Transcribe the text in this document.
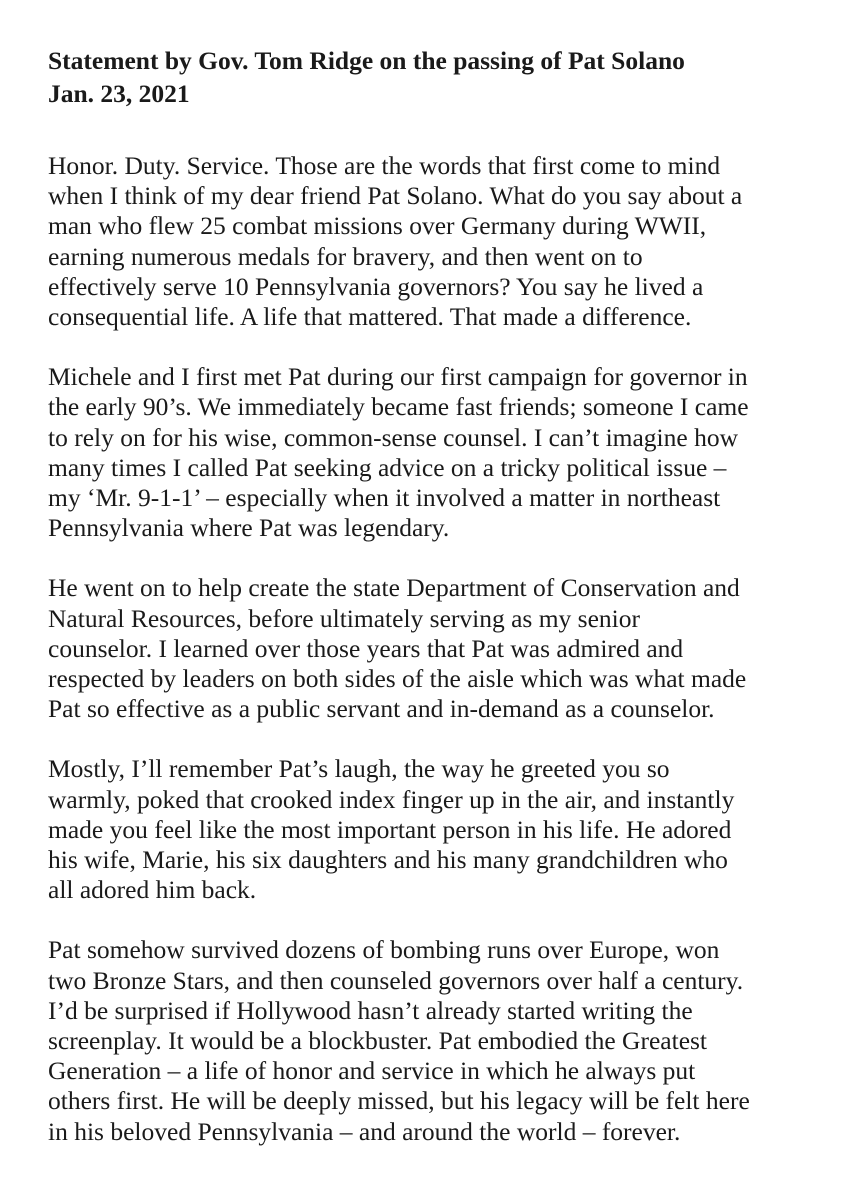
Statement by Gov. Tom Ridge on the passing of Pat Solano
Jan. 23, 2021

Honor. Duty. Service. Those are the words that first come to mind
when I think of my dear friend Pat Solano. What do you say about a
man who flew 25 combat missions over Germany during WWII,
earning numerous medals for bravery, and then went on to
effectively serve 10 Pennsylvania governors? You say he lived a
consequential life. A life that mattered. That made a difference.

Michele and I first met Pat during our first campaign for governor in
the early 90’s. We immediately became fast friends; someone I came
to rely on for his wise, common-sense counsel. I can’t imagine how
many times I called Pat seeking advice on a tricky political issue –
my ‘Mr. 9-1-1’ – especially when it involved a matter in northeast
Pennsylvania where Pat was legendary.

He went on to help create the state Department of Conservation and
Natural Resources, before ultimately serving as my senior
counselor. I learned over those years that Pat was admired and
respected by leaders on both sides of the aisle which was what made
Pat so effective as a public servant and in-demand as a counselor.

Mostly, I’ll remember Pat’s laugh, the way he greeted you so
warmly, poked that crooked index finger up in the air, and instantly
made you feel like the most important person in his life. He adored
his wife, Marie, his six daughters and his many grandchildren who
all adored him back.

Pat somehow survived dozens of bombing runs over Europe, won
two Bronze Stars, and then counseled governors over half a century.
I’d be surprised if Hollywood hasn’t already started writing the
screenplay. It would be a blockbuster. Pat embodied the Greatest
Generation – a life of honor and service in which he always put
others first. He will be deeply missed, but his legacy will be felt here
in his beloved Pennsylvania – and around the world – forever.
